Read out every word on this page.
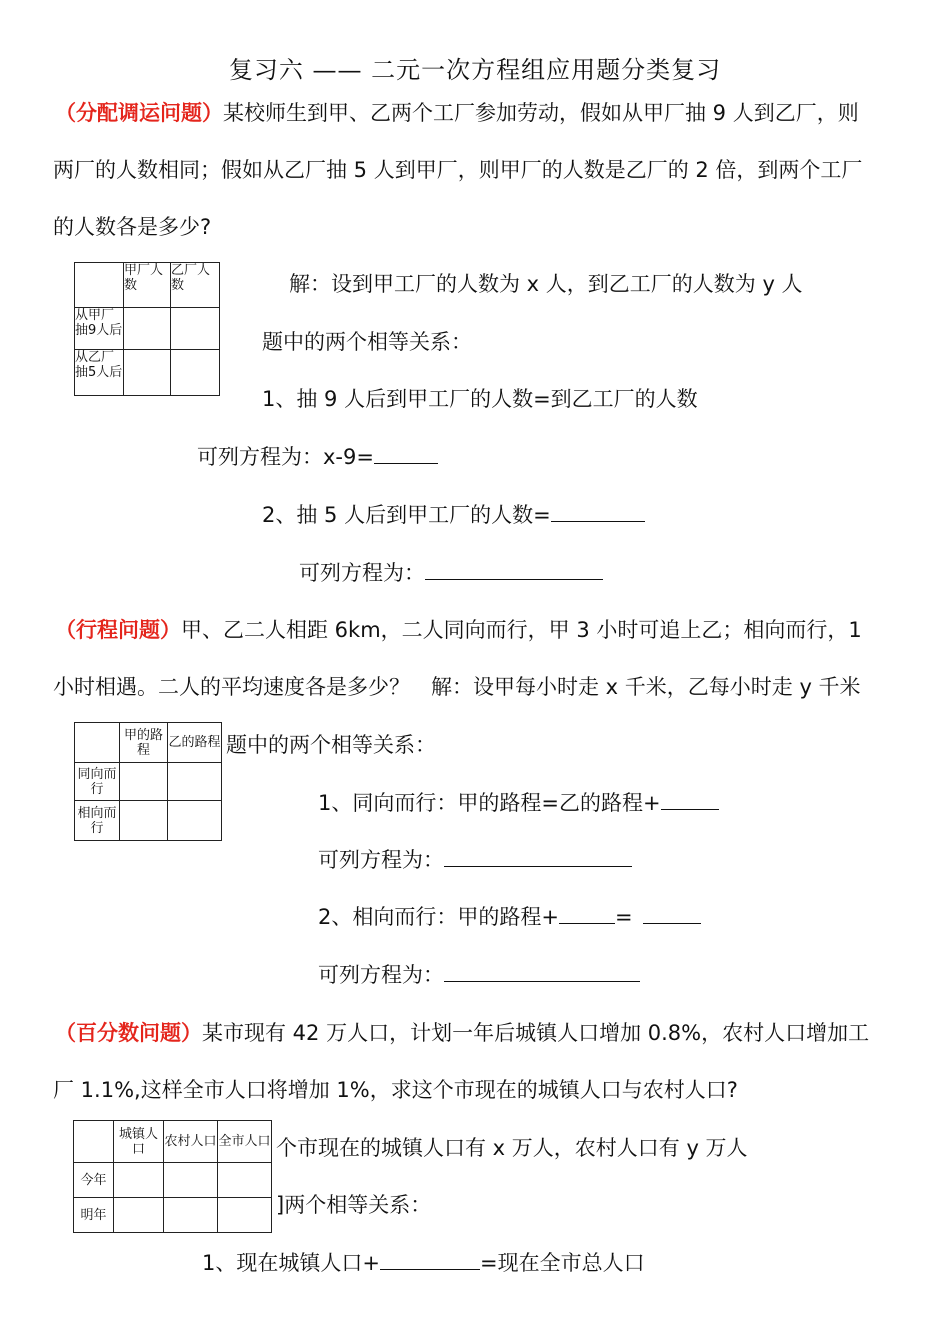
复习六 —— 二元一次方程组应用题分类复习
（分配调运问题）某校师生到甲、乙两个工厂参加劳动，假如从甲厂抽 9 人到乙厂，则
两厂的人数相同；假如从乙厂抽 5 人到甲厂，则甲厂的人数是乙厂的 2 倍，到两个工厂
的人数各是多少?

	甲厂人数	乙厂人数

从甲厂抽9人后		

从乙厂抽5人后		

解：设到甲工厂的人数为 x 人，到乙工厂的人数为 y 人
题中的两个相等关系：
1、抽 9 人后到甲工厂的人数=到乙工厂的人数
可列方程为：x-9=
2、抽 5 人后到甲工厂的人数=
可列方程为：
（行程问题）甲、乙二人相距 6km，二人同向而行，甲 3 小时可追上乙；相向而行，1
小时相遇。二人的平均速度各是多少？　解：设甲每小时走 x 千米，乙每小时走 y 千米

	甲的路程	乙的路程

同向而行		

相向而行		

题中的两个相等关系：
1、同向而行：甲的路程=乙的路程+
可列方程为：
2、相向而行：甲的路程+	=
可列方程为：
（百分数问题）某市现有 42 万人口，计划一年后城镇人口增加 0.8%，农村人口增加工
厂 1.1%,这样全市人口将增加 1%，求这个市现在的城镇人口与农村人口?

	城镇人口	农村人口	全市人口

今年			

明年			

个市现在的城镇人口有 x 万人，农村人口有 y 万人
]两个相等关系：
1、现在城镇人口+	=现在全市总人口
